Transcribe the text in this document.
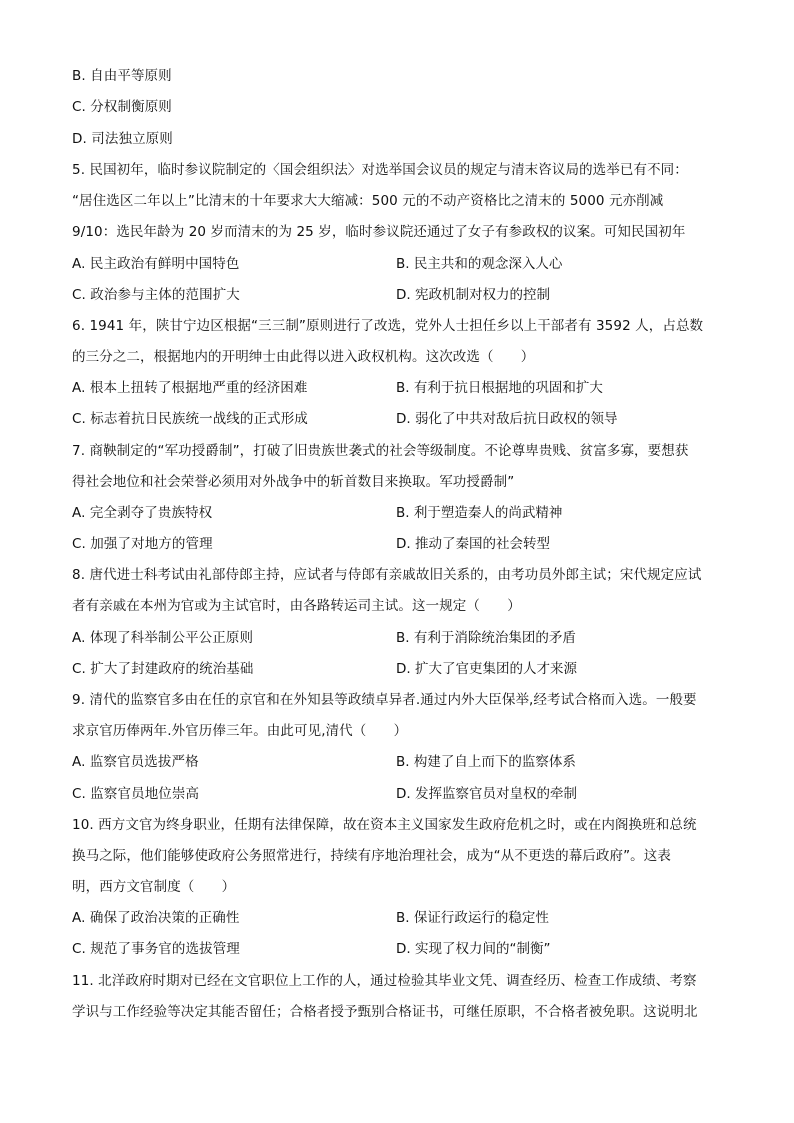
B. 自由平等原则
C. 分权制衡原则
D. 司法独立原则
5. 民国初年，临时参议院制定的〈国会组织法〉对选举国会议员的规定与清末咨议局的选举已有不同：
“居住选区二年以上”比清末的十年要求大大缩减：500 元的不动产资格比之清末的 5000 元亦削减
9/10：选民年龄为 20 岁而清末的为 25 岁，临时参议院还通过了女子有参政权的议案。可知民国初年
A. 民主政治有鲜明中国特色	B. 民主共和的观念深入人心
C. 政治参与主体的范围扩大	D. 宪政机制对权力的控制
6. 1941 年，陕甘宁边区根据“三三制”原则进行了改选，党外人士担任乡以上干部者有 3592 人，占总数
的三分之二，根据地内的开明绅士由此得以进入政权机构。这次改选（　　）
A. 根本上扭转了根据地严重的经济困难	B. 有利于抗日根据地的巩固和扩大
C. 标志着抗日民族统一战线的正式形成	D. 弱化了中共对敌后抗日政权的领导
7. 商鞅制定的“军功授爵制”，打破了旧贵族世袭式的社会等级制度。不论尊卑贵贱、贫富多寡，要想获
得社会地位和社会荣誉必须用对外战争中的斩首数目来换取。军功授爵制”
A. 完全剥夺了贵族特权	B. 利于塑造秦人的尚武精神
C. 加强了对地方的管理	D. 推动了秦国的社会转型
8. 唐代进士科考试由礼部侍郎主持，应试者与侍郎有亲戚故旧关系的，由考功员外郎主试；宋代规定应试
者有亲戚在本州为官或为主试官时，由各路转运司主试。这一规定（　　）
A. 体现了科举制公平公正原则	B. 有利于消除统治集团的矛盾
C. 扩大了封建政府的统治基础	D. 扩大了官吏集团的人才来源
9. 清代的监察官多由在任的京官和在外知县等政绩卓异者.通过内外大臣保举,经考试合格而入选。一般要
求京官历俸两年.外官历俸三年。由此可见,清代（　　）
A. 监察官员选拔严格	B. 构建了自上而下的监察体系
C. 监察官员地位崇高	D. 发挥监察官员对皇权的牵制
10. 西方文官为终身职业，任期有法律保障，故在资本主义国家发生政府危机之时，或在内阁换班和总统
换马之际，他们能够使政府公务照常进行，持续有序地治理社会，成为“从不更迭的幕后政府”。这表
明，西方文官制度（　　）
A. 确保了政治决策的正确性	B. 保证行政运行的稳定性
C. 规范了事务官的选拔管理	D. 实现了权力间的“制衡”
11. 北洋政府时期对已经在文官职位上工作的人，通过检验其毕业文凭、调查经历、检查工作成绩、考察
学识与工作经验等决定其能否留任；合格者授予甄别合格证书，可继任原职，不合格者被免职。这说明北
